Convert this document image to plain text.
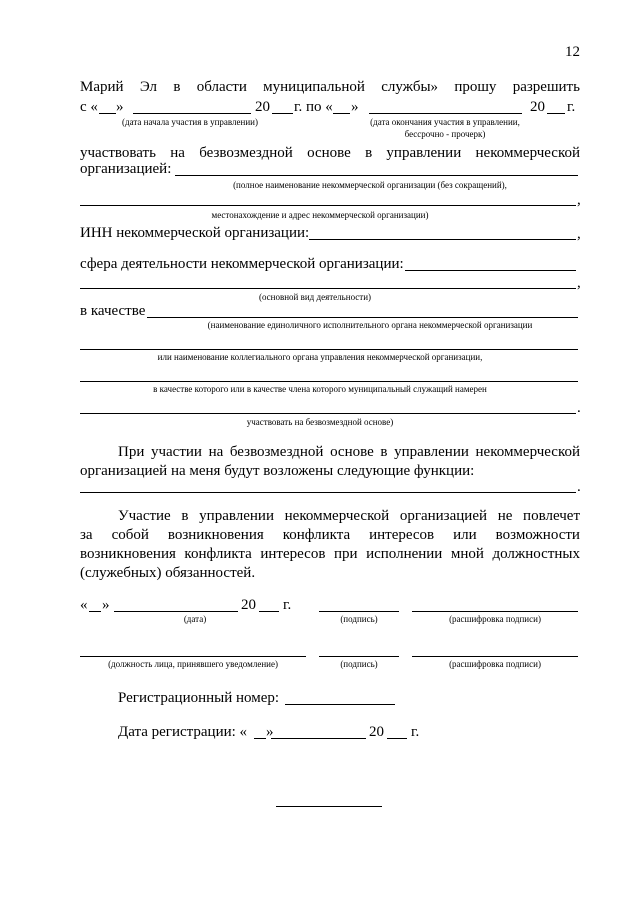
12
Марий Эл в области муниципальной службы» прошу разрешить
с « »	20 г. по « »	20 г.
(дата начала участия в управлении)	(дата окончания участия в управлении,
бессрочно - прочерк)
участвовать на безвозмездной основе в управлении некоммерческой
организацией:
(полное наименование некоммерческой организации (без сокращений),
,
местонахождение и адрес некоммерческой организации)
ИНН некоммерческой организации:	,
сфера деятельности некоммерческой организации:
,
(основной вид деятельности)
в качестве
(наименование единоличного исполнительного органа некоммерческой организации
или наименование коллегиального органа управления некоммерческой организации,
в качестве которого или в качестве члена которого муниципальный служащий намерен
.
участвовать на безвозмездной основе)
При участии на безвозмездной основе в управлении некоммерческой
организацией на меня будут возложены следующие функции:
.
Участие в управлении некоммерческой организацией не повлечет
за собой возникновения конфликта интересов или возможности
возникновения конфликта интересов при исполнении мной должностных
(служебных) обязанностей.
« »	20 г.
(дата)	(подпись)	(расшифровка подписи)
(должность лица, принявшего уведомление)	(подпись)	(расшифровка подписи)
Регистрационный номер:
Дата регистрации: « »	20 г.
